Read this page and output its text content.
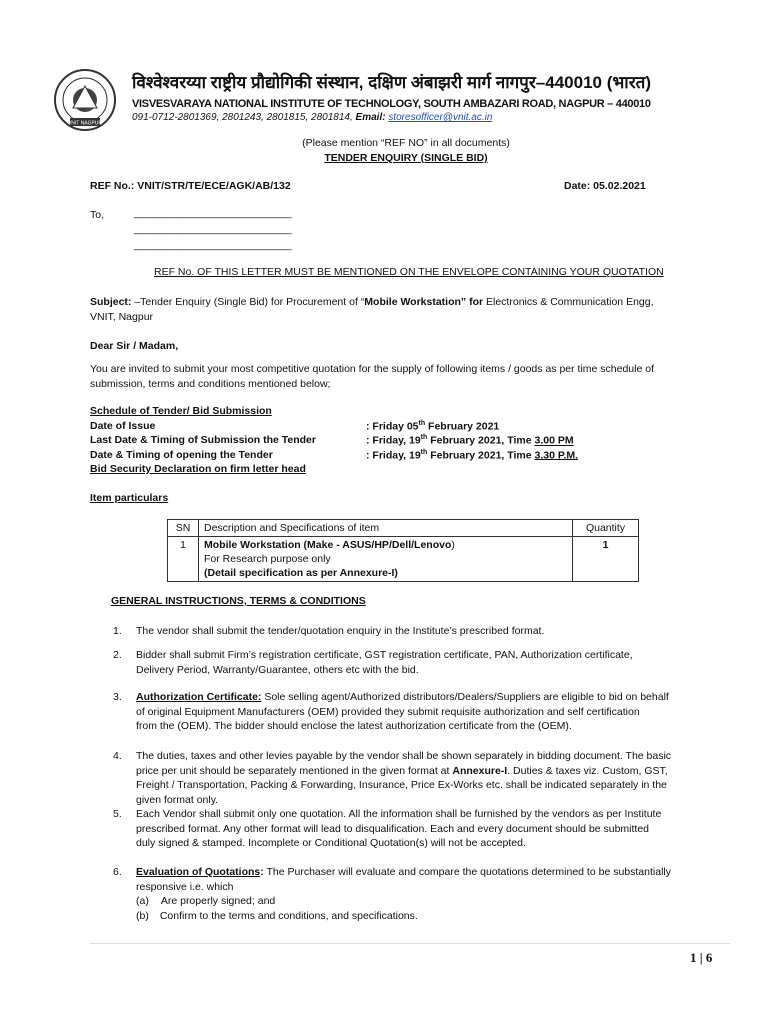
VNIT NAGPUR
विश्वेश्वरय्या राष्ट्रीय प्रौद्योगिकी संस्थान, दक्षिण अंबाझरी मार्ग नागपुर–440010 (भारत)
VISVESVARAYA NATIONAL INSTITUTE OF TECHNOLOGY, SOUTH AMBAZARI ROAD, NAGPUR – 440010
091-0712-2801369, 2801243, 2801815, 2801814, Email: storesofficer@vnit.ac.in
(Please mention “REF NO” in all documents)
TENDER ENQUIRY (SINGLE BID)
REF No.: VNIT/STR/TE/ECE/AGK/AB/132	Date: 05.02.2021
To,	___________________________
___________________________
___________________________
REF No. OF THIS LETTER MUST BE MENTIONED ON THE ENVELOPE CONTAINING YOUR QUOTATION
Subject: –Tender Enquiry (Single Bid) for Procurement of “Mobile Workstation” for Electronics & Communication Engg,
VNIT, Nagpur
Dear Sir / Madam,
You are invited to submit your most competitive quotation for the supply of following items / goods as per time schedule of
submission, terms and conditions mentioned below;
Schedule of Tender/ Bid Submission
Date of Issue	: Friday 05th February 2021
Last Date & Timing of Submission the Tender	: Friday, 19th February 2021, Time 3.00 PM
Date & Timing of opening the Tender	: Friday, 19th February 2021, Time 3.30 P.M.
Bid Security Declaration on firm letter head
Item particulars
SN	Description and Specifications of item	Quantity
1	Mobile Workstation (Make - ASUS/HP/Dell/Lenovo)
For Research purpose only
(Detail specification as per Annexure-I)	1
GENERAL INSTRUCTIONS, TERMS & CONDITIONS
1. The vendor shall submit the tender/quotation enquiry in the Institute’s prescribed format.
2. Bidder shall submit Firm’s registration certificate, GST registration certificate, PAN, Authorization certificate,
Delivery Period, Warranty/Guarantee, others etc with the bid.
3. Authorization Certificate: Sole selling agent/Authorized distributors/Dealers/Suppliers are eligible to bid on behalf
of original Equipment Manufacturers (OEM) provided they submit requisite authorization and self certification
from the (OEM). The bidder should enclose the latest authorization certificate from the (OEM).
4. The duties, taxes and other levies payable by the vendor shall be shown separately in bidding document. The basic
price per unit should be separately mentioned in the given format at Annexure-I. Duties & taxes viz. Custom, GST,
Freight / Transportation, Packing & Forwarding, Insurance, Price Ex-Works etc. shall be indicated separately in the
given format only.
5. Each Vendor shall submit only one quotation. All the information shall be furnished by the vendors as per Institute
prescribed format. Any other format will lead to disqualification. Each and every document should be submitted
duly signed & stamped. Incomplete or Conditional Quotation(s) will not be accepted.
6. Evaluation of Quotations: The Purchaser will evaluate and compare the quotations determined to be substantially
responsive i.e. which
(a) Are properly signed; and
(b) Confirm to the terms and conditions, and specifications.
1 | 6
